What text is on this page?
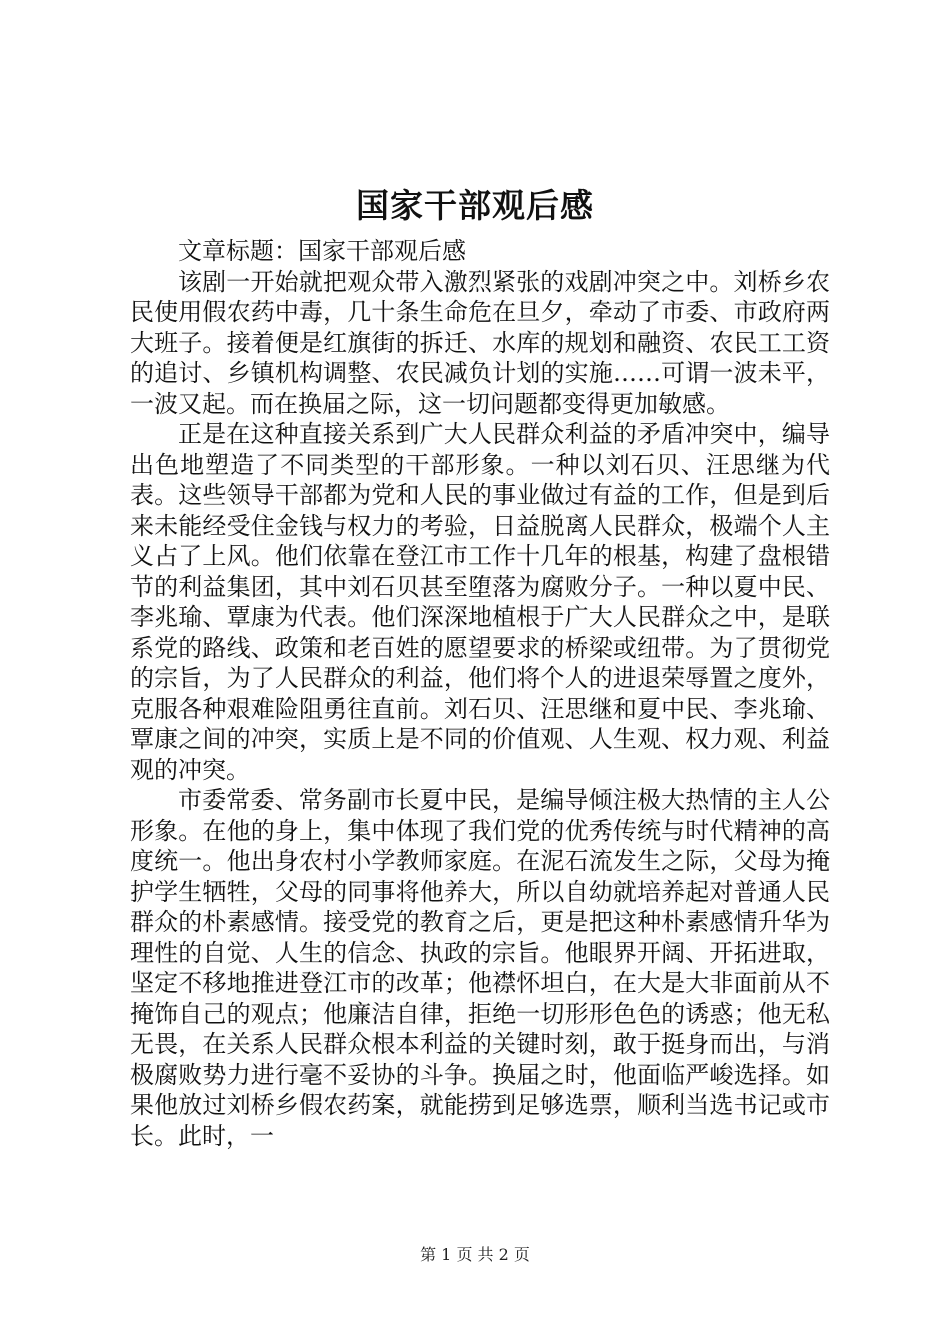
国家干部观后感

文章标题：国家干部观后感

该剧一开始就把观众带入激烈紧张的戏剧冲突之中。刘桥乡农民使用假农药中毒，几十条生命危在旦夕，牵动了市委、市政府两大班子。接着便是红旗街的拆迁、水库的规划和融资、农民工工资的追讨、乡镇机构调整、农民减负计划的实施……可谓一波未平，一波又起。而在换届之际，这一切问题都变得更加敏感。

正是在这种直接关系到广大人民群众利益的矛盾冲突中，编导出色地塑造了不同类型的干部形象。一种以刘石贝、汪思继为代表。这些领导干部都为党和人民的事业做过有益的工作，但是到后来未能经受住金钱与权力的考验，日益脱离人民群众，极端个人主义占了上风。他们依靠在登江市工作十几年的根基，构建了盘根错节的利益集团，其中刘石贝甚至堕落为腐败分子。一种以夏中民、李兆瑜、覃康为代表。他们深深地植根于广大人民群众之中，是联系党的路线、政策和老百姓的愿望要求的桥梁或纽带。为了贯彻党的宗旨，为了人民群众的利益，他们将个人的进退荣辱置之度外，克服各种艰难险阻勇往直前。刘石贝、汪思继和夏中民、李兆瑜、覃康之间的冲突，实质上是不同的价值观、人生观、权力观、利益观的冲突。

市委常委、常务副市长夏中民，是编导倾注极大热情的主人公形象。在他的身上，集中体现了我们党的优秀传统与时代精神的高度统一。他出身农村小学教师家庭。在泥石流发生之际，父母为掩护学生牺牲，父母的同事将他养大，所以自幼就培养起对普通人民群众的朴素感情。接受党的教育之后，更是把这种朴素感情升华为理性的自觉、人生的信念、执政的宗旨。他眼界开阔、开拓进取，坚定不移地推进登江市的改革；他襟怀坦白，在大是大非面前从不掩饰自己的观点；他廉洁自律，拒绝一切形形色色的诱惑；他无私无畏，在关系人民群众根本利益的关键时刻，敢于挺身而出，与消极腐败势力进行毫不妥协的斗争。换届之时，他面临严峻选择。如果他放过刘桥乡假农药案，就能捞到足够选票，顺利当选书记或市长。此时，一

第 1 页 共 2 页
